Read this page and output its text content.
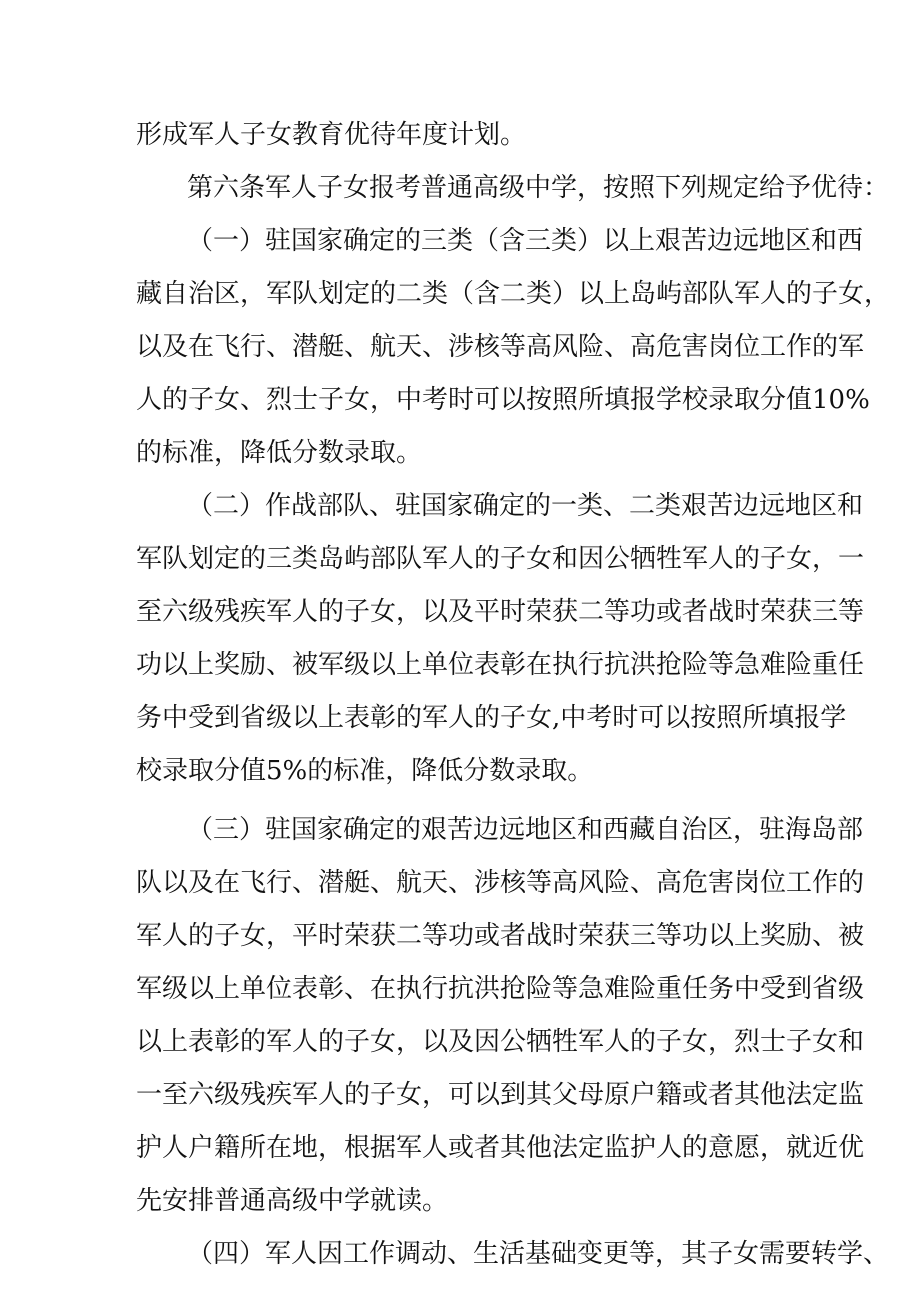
形成军人子女教育优待年度计划。
第六条军人子女报考普通高级中学，按照下列规定给予优待：
（一）驻国家确定的三类（含三类）以上艰苦边远地区和西
藏自治区，军队划定的二类（含二类）以上岛屿部队军人的子女，
以及在飞行、潜艇、航天、涉核等高风险、高危害岗位工作的军
人的子女、烈士子女，中考时可以按照所填报学校录取分值10%
的标准，降低分数录取。
（二）作战部队、驻国家确定的一类、二类艰苦边远地区和
军队划定的三类岛屿部队军人的子女和因公牺牲军人的子女，一
至六级残疾军人的子女，以及平时荣获二等功或者战时荣获三等
功以上奖励、被军级以上单位表彰在执行抗洪抢险等急难险重任
务中受到省级以上表彰的军人的子女,中考时可以按照所填报学
校录取分值5%的标准，降低分数录取。
（三）驻国家确定的艰苦边远地区和西藏自治区，驻海岛部
队以及在飞行、潜艇、航天、涉核等高风险、高危害岗位工作的
军人的子女，平时荣获二等功或者战时荣获三等功以上奖励、被
军级以上单位表彰、在执行抗洪抢险等急难险重任务中受到省级
以上表彰的军人的子女，以及因公牺牲军人的子女，烈士子女和
一至六级残疾军人的子女，可以到其父母原户籍或者其他法定监
护人户籍所在地，根据军人或者其他法定监护人的意愿，就近优
先安排普通高级中学就读。
（四）军人因工作调动、生活基础变更等，其子女需要转学、
